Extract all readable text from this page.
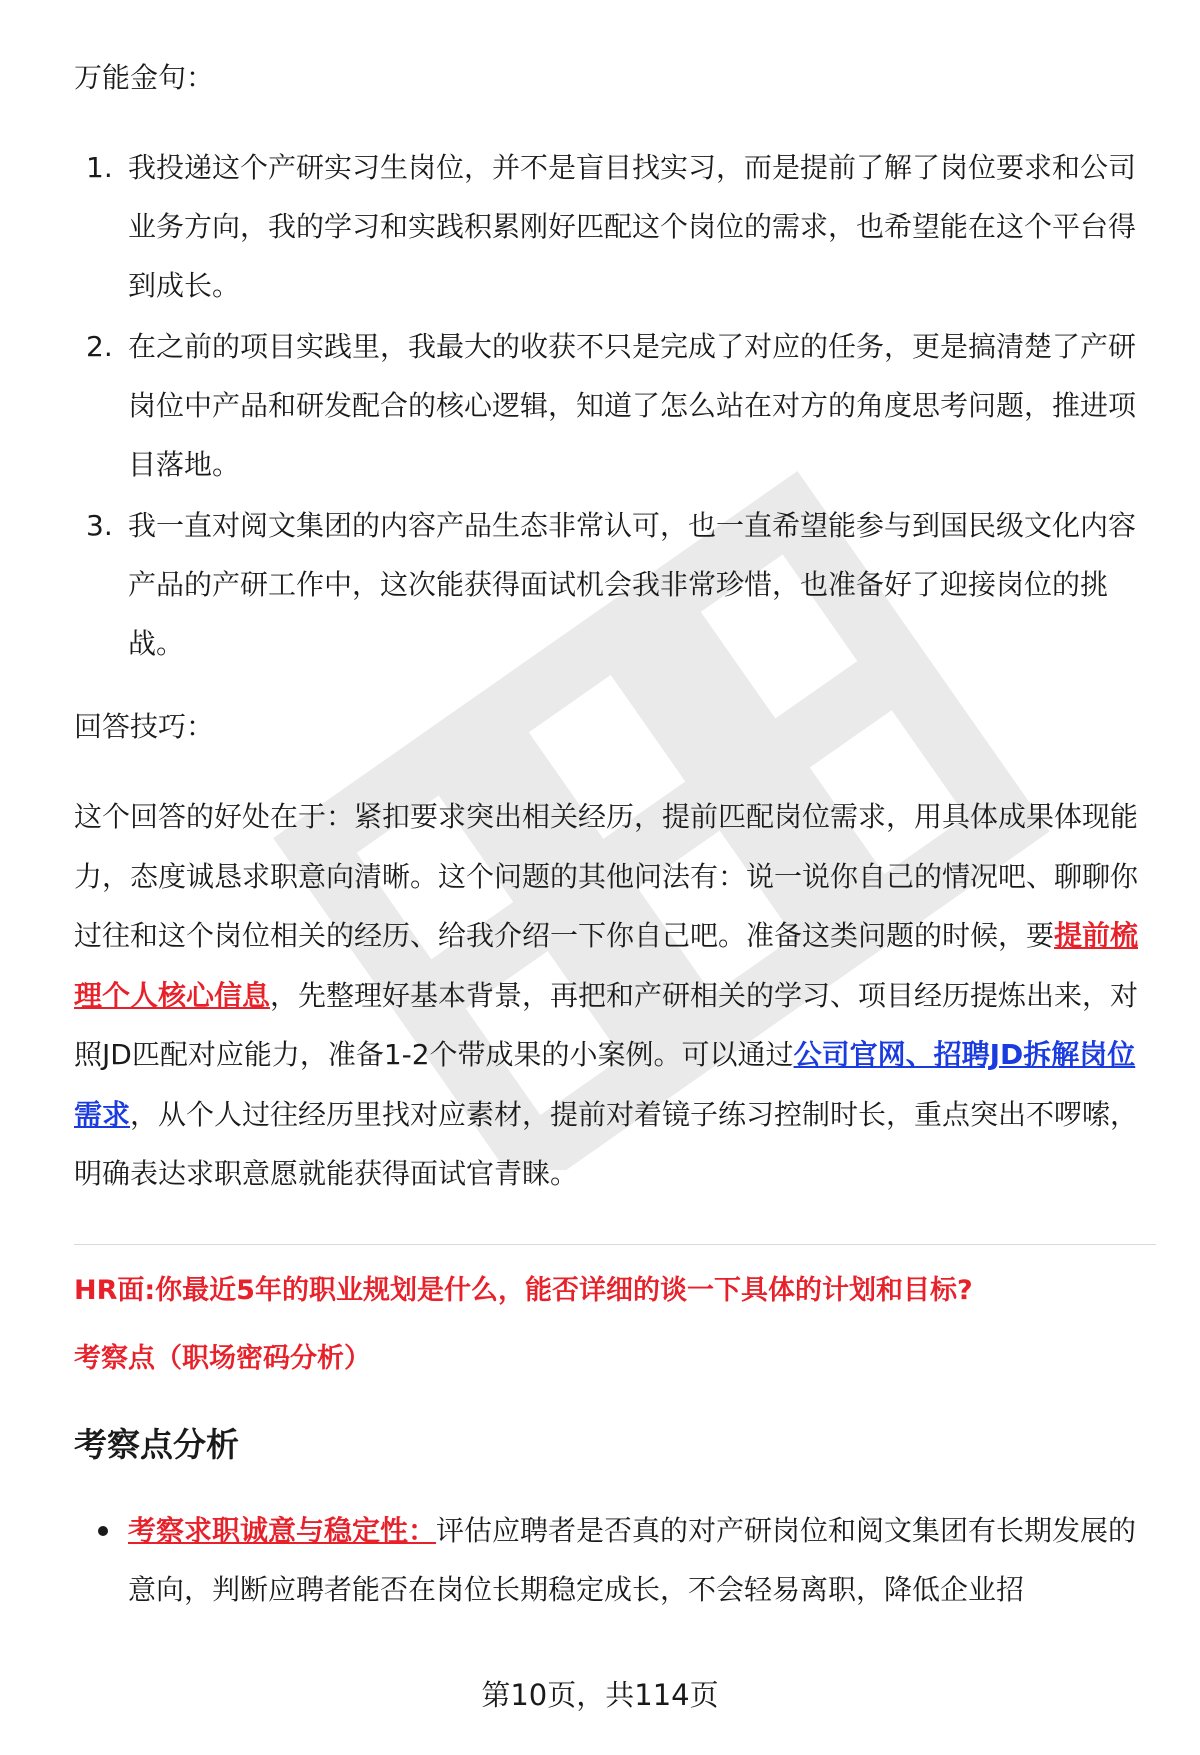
万能金句：

1. 我投递这个产研实习生岗位，并不是盲目找实习，而是提前了解了岗位要求和公司业务方向，我的学习和实践积累刚好匹配这个岗位的需求，也希望能在这个平台得到成长。
2. 在之前的项目实践里，我最大的收获不只是完成了对应的任务，更是搞清楚了产研岗位中产品和研发配合的核心逻辑，知道了怎么站在对方的角度思考问题，推进项目落地。
3. 我一直对阅文集团的内容产品生态非常认可，也一直希望能参与到国民级文化内容产品的产研工作中，这次能获得面试机会我非常珍惜，也准备好了迎接岗位的挑战。

回答技巧：

这个回答的好处在于：紧扣要求突出相关经历，提前匹配岗位需求，用具体成果体现能力，态度诚恳求职意向清晰。这个问题的其他问法有：说一说你自己的情况吧、聊聊你过往和这个岗位相关的经历、给我介绍一下你自己吧。准备这类问题的时候，要提前梳理个人核心信息，先整理好基本背景，再把和产研相关的学习、项目经历提炼出来，对照JD匹配对应能力，准备1-2个带成果的小案例。可以通过公司官网、招聘JD拆解岗位需求，从个人过往经历里找对应素材，提前对着镜子练习控制时长，重点突出不啰嗦，明确表达求职意愿就能获得面试官青睐。

HR面:你最近5年的职业规划是什么，能否详细的谈一下具体的计划和目标?

考察点（职场密码分析）

考察点分析
考察求职诚意与稳定性：评估应聘者是否真的对产研岗位和阅文集团有长期发展的意向，判断应聘者能否在岗位长期稳定成长，不会轻易离职，降低企业招
第10页，共114页
